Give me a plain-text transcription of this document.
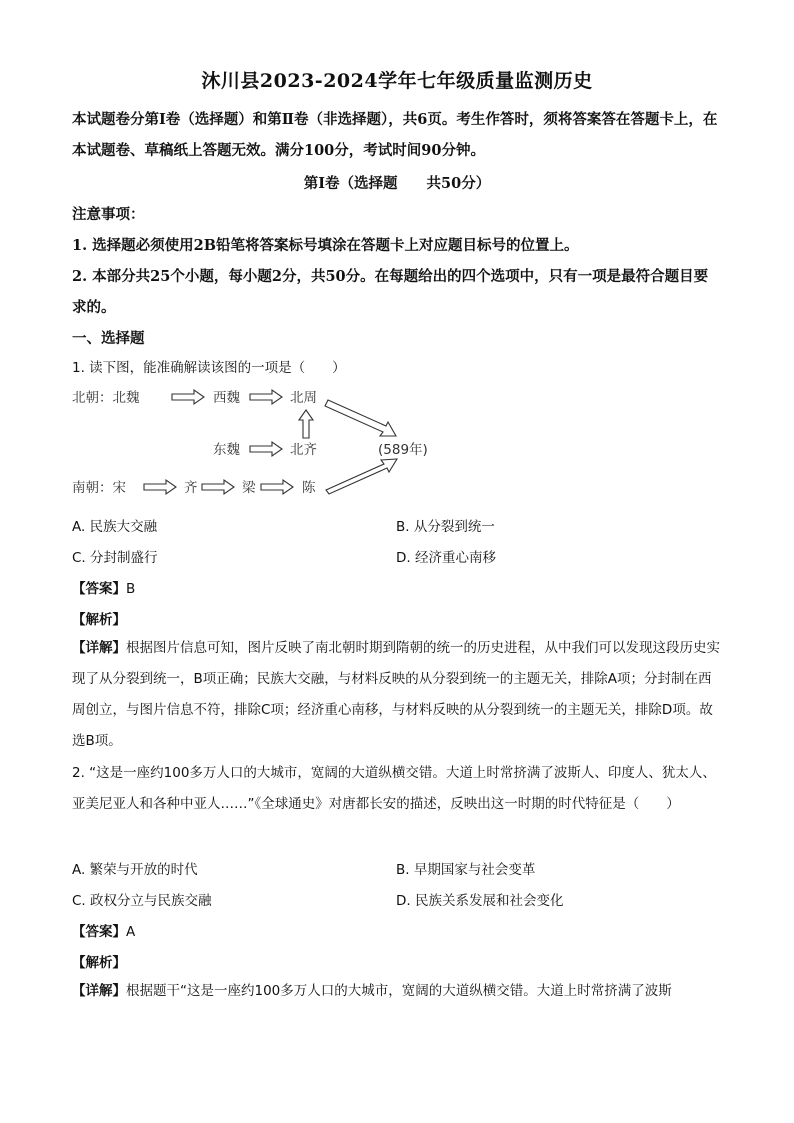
沐川县2023-2024学年七年级质量监测历史
本试题卷分第Ⅰ卷（选择题）和第Ⅱ卷（非选择题），共6页。考生作答时，须将答案答在答题卡上，在本试题卷、草稿纸上答题无效。满分100分，考试时间90分钟。
第Ⅰ卷（选择题　　共50分）
注意事项：
1. 选择题必须使用2B铅笔将答案标号填涂在答题卡上对应题目标号的位置上。
2. 本部分共25个小题，每小题2分，共50分。在每题给出的四个选项中，只有一项是最符合题目要求的。
一、选择题
1. 读下图，能准确解读该图的一项是（　　）
北朝：北魏	西魏	北周
东魏	北齐	(589年)
南朝：宋	齐	梁	陈
A. 民族大交融	B. 从分裂到统一
C. 分封制盛行	D. 经济重心南移
【答案】B
【解析】
【详解】根据图片信息可知，图片反映了南北朝时期到隋朝的统一的历史进程，从中我们可以发现这段历史实现了从分裂到统一，B项正确；民族大交融，与材料反映的从分裂到统一的主题无关，排除A项；分封制在西周创立，与图片信息不符，排除C项；经济重心南移，与材料反映的从分裂到统一的主题无关，排除D项。故选B项。
2. “这是一座约100多万人口的大城市，宽阔的大道纵横交错。大道上时常挤满了波斯人、印度人、犹太人、亚美尼亚人和各种中亚人……”《全球通史》对唐都长安的描述，反映出这一时期的时代特征是（　　）
A. 繁荣与开放的时代	B. 早期国家与社会变革
C. 政权分立与民族交融	D. 民族关系发展和社会变化
【答案】A
【解析】
【详解】根据题干“这是一座约100多万人口的大城市，宽阔的大道纵横交错。大道上时常挤满了波斯
